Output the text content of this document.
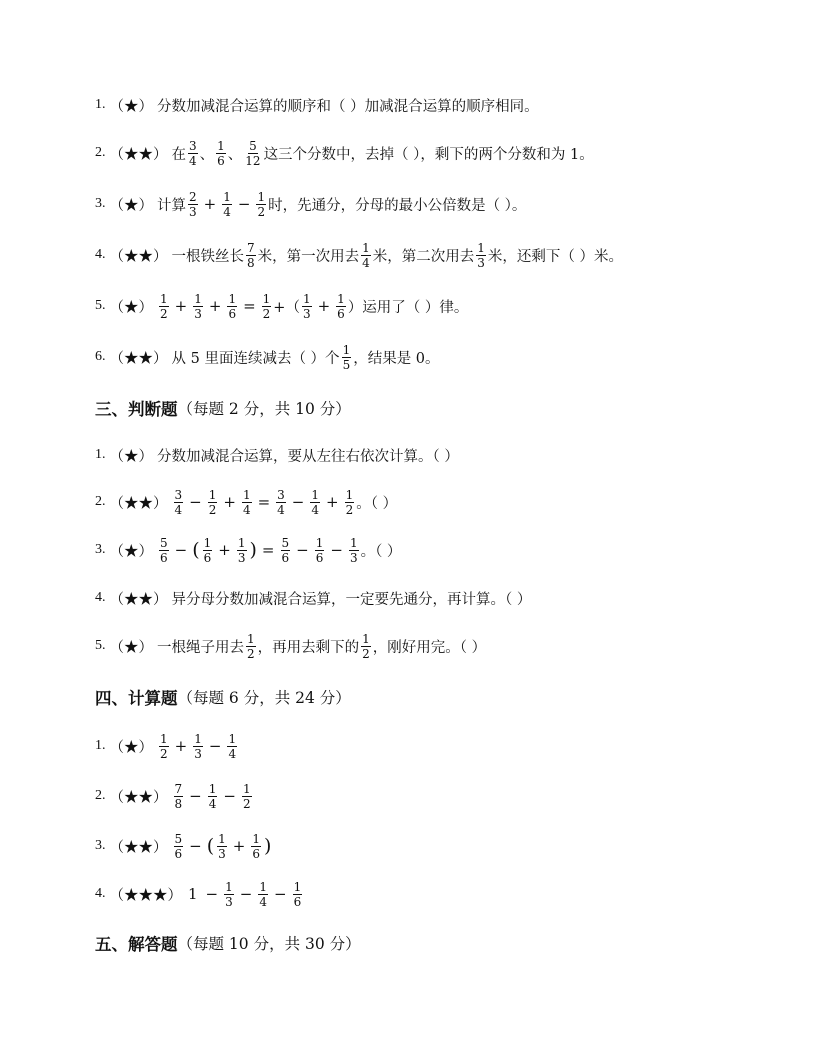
1. （★） 分数加减混合运算的顺序和（ ）加减混合运算的顺序相同。
2. （★★） 在 $\frac{3}{4}$ 、 $\frac{1}{6}$ 、 $\frac{5}{12}$ 这三个分数中，去掉（ ），剩下的两个分数和为 1。
3. （★） 计算 $\frac{2}{3} + \frac{1}{4} - \frac{1}{2}$ 时，先通分，分母的最小公倍数是（ ）。
4. （★★） 一根铁丝长 $\frac{7}{8}$ 米，第一次用去 $\frac{1}{4}$ 米，第二次用去 $\frac{1}{3}$ 米，还剩下（ ）米。
5. （★） $\frac{1}{2} + \frac{1}{3} + \frac{1}{6} = \frac{1}{2}$ +（ $\frac{1}{3} + \frac{1}{6}$ ）运用了（ ）律。
6. （★★） 从 5 里面连续减去（ ）个 $\frac{1}{5}$ ，结果是 0。
三、判断题 （每题 2 分，共 10 分）
1. （★） 分数加减混合运算，要从左往右依次计算。（ ）
2. （★★） $\frac{3}{4} - \frac{1}{2} + \frac{1}{4} = \frac{3}{4} - \frac{1}{4} + \frac{1}{2}$ 。（ ）
3. （★） $\frac{5}{6}$ − ( $\frac{1}{6} + \frac{1}{3}$ ) = $\frac{5}{6} - \frac{1}{6} - \frac{1}{3}$ 。（ ）
4. （★★） 异分母分数加减混合运算，一定要先通分，再计算。（ ）
5. （★） 一根绳子用去 $\frac{1}{2}$ ，再用去剩下的 $\frac{1}{2}$ ，刚好用完。（ ）
四、计算题 （每题 6 分，共 24 分）
1. （★） $\frac{1}{2} + \frac{1}{3} - \frac{1}{4}$
2. （★★） $\frac{7}{8} - \frac{1}{4} - \frac{1}{2}$
3. （★★） $\frac{5}{6}$ − ( $\frac{1}{3} + \frac{1}{6}$ )
4. （★★★） $1 - \frac{1}{3} - \frac{1}{4} - \frac{1}{6}$
五、解答题 （每题 10 分，共 30 分）
